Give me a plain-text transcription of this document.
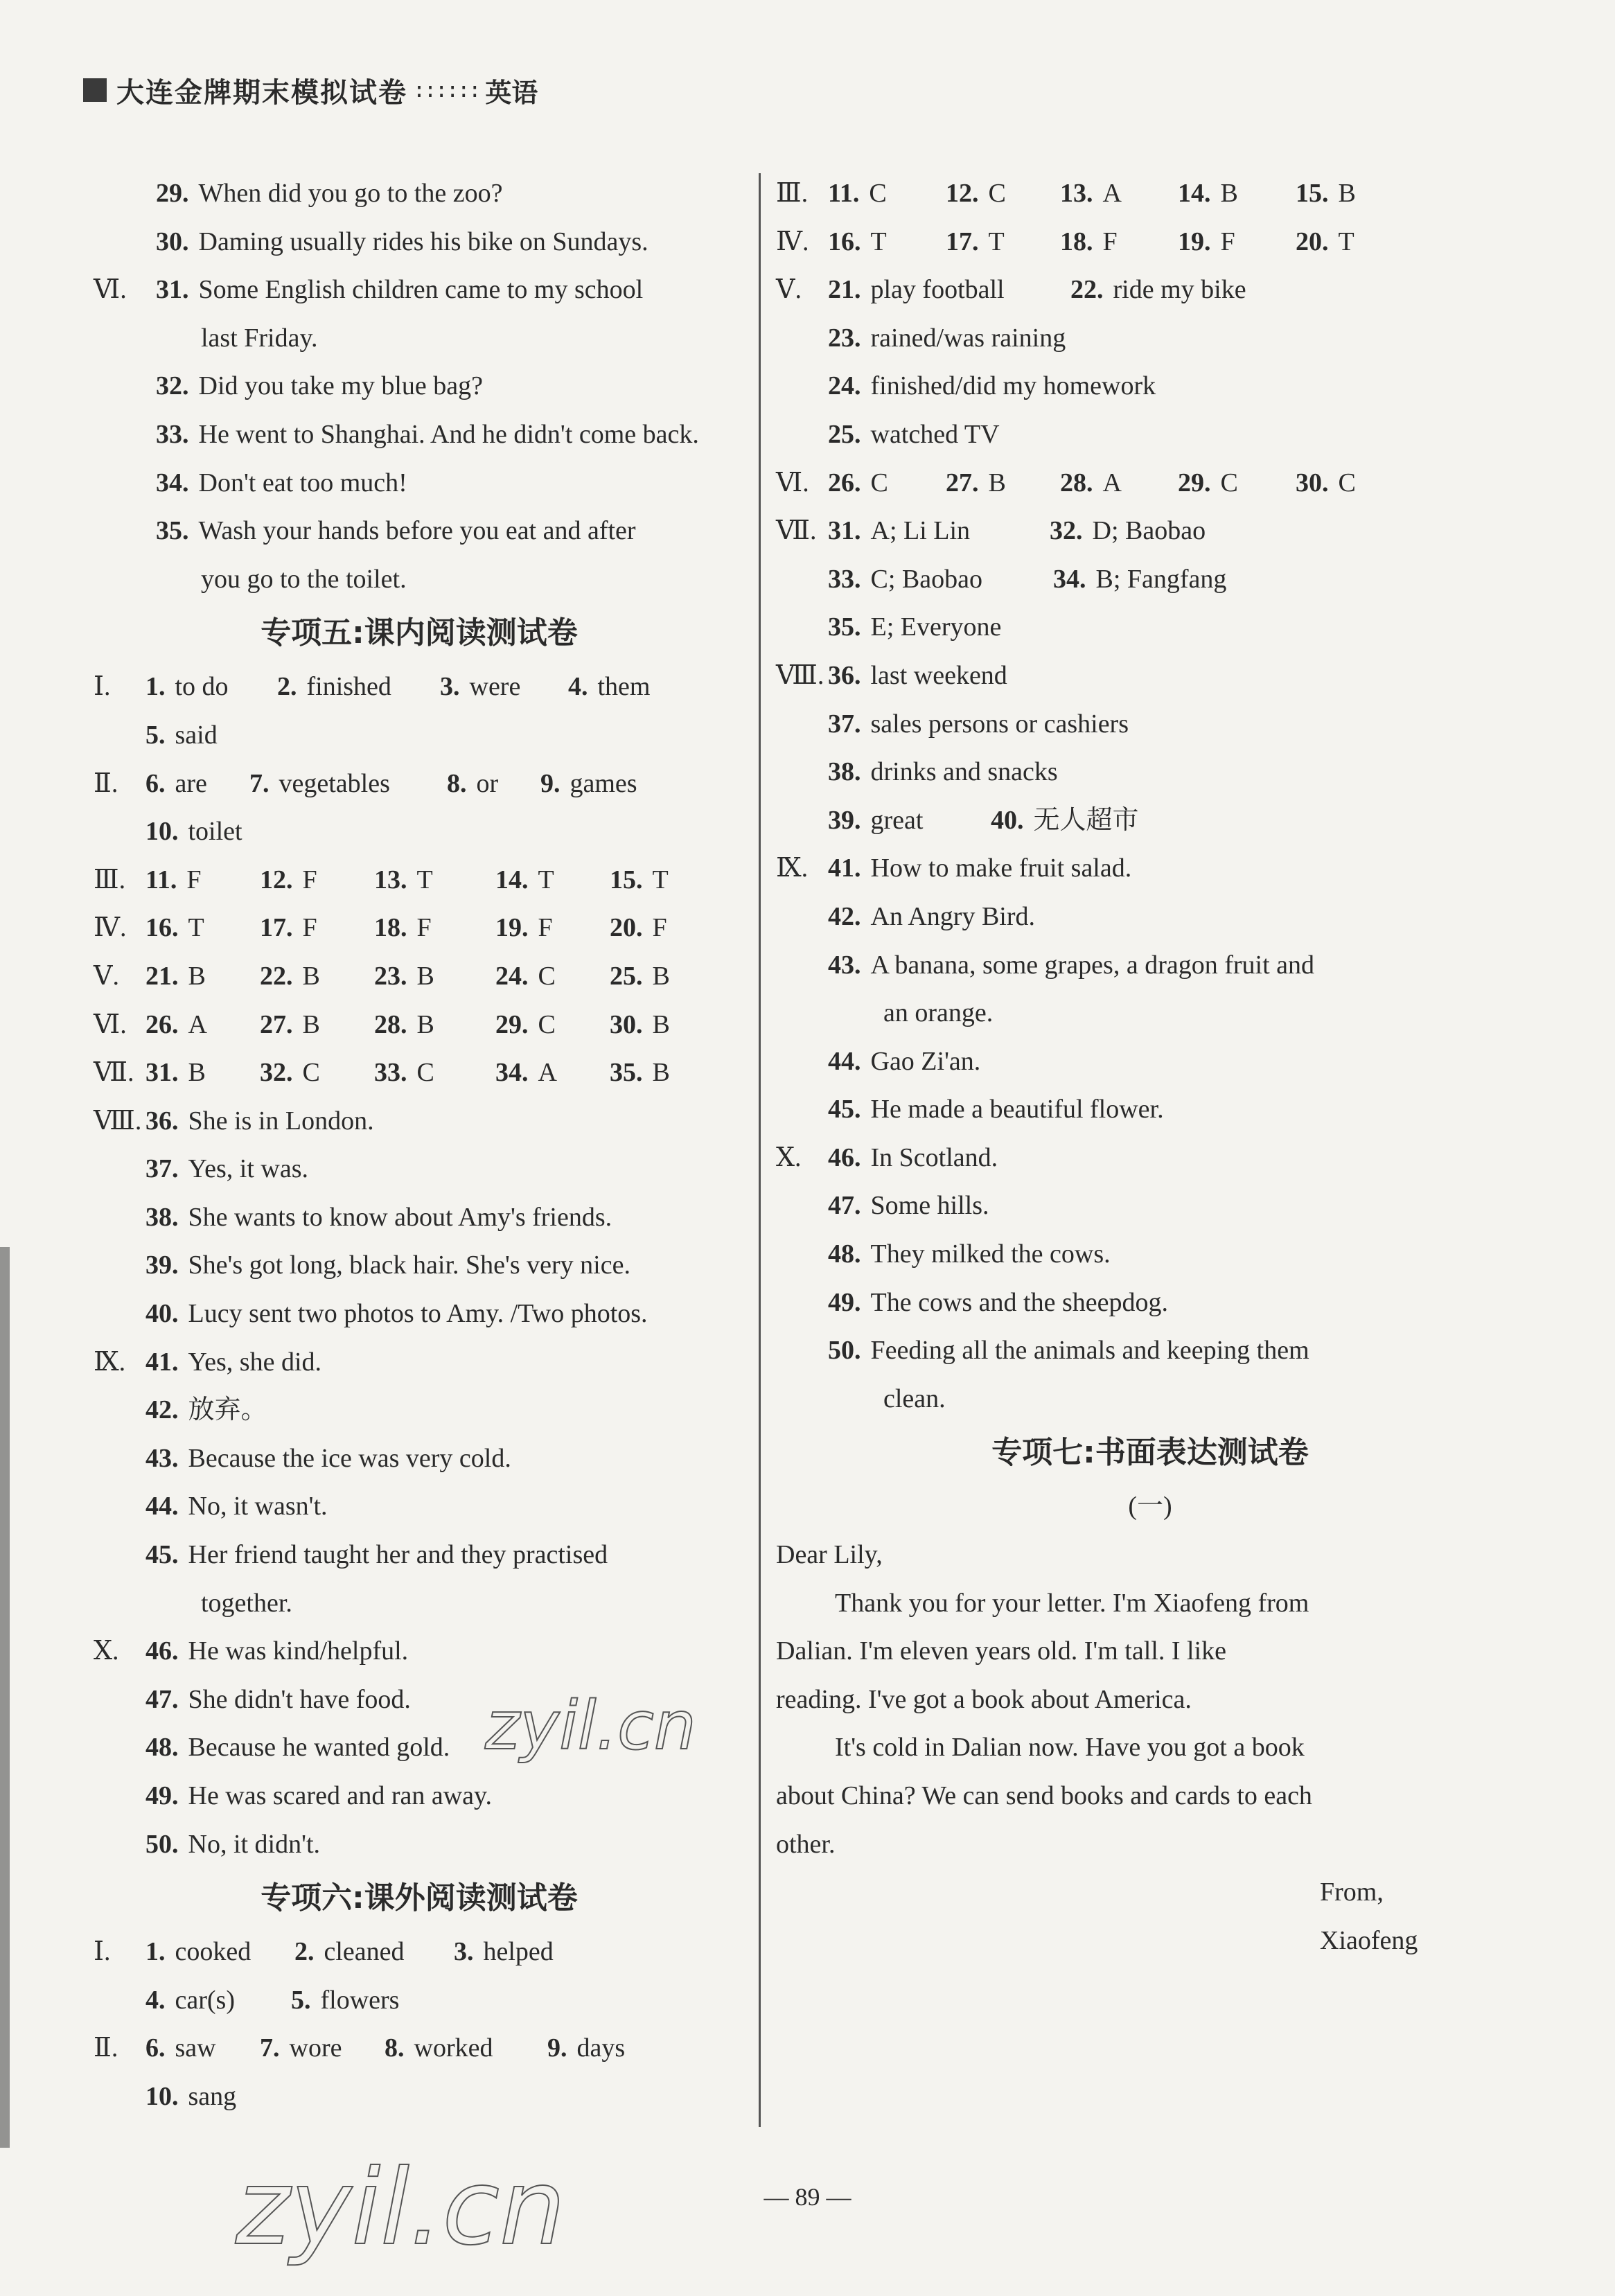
大连金牌期末模拟试卷 :::::: 英语
29. When did you go to the zoo?
30. Daming usually rides his bike on Sundays.
Ⅵ. 31. Some English children came to my school
last Friday.
32. Did you take my blue bag?
33. He went to Shanghai. And he didn't come back.
34. Don't eat too much!
35. Wash your hands before you eat and after
you go to the toilet.
专项五:课内阅读测试卷
Ⅰ. 1. to do 2. finished 3. were 4. them
5. said
Ⅱ. 6. are 7. vegetables 8. or 9. games
10. toilet
Ⅲ. 11. F 12. F 13. T 14. T 15. T
Ⅳ. 16. T 17. F 18. F 19. F 20. F
Ⅴ. 21. B 22. B 23. B 24. C 25. B
Ⅵ. 26. A 27. B 28. B 29. C 30. B
Ⅶ. 31. B 32. C 33. C 34. A 35. B
Ⅷ. 36. She is in London.
37. Yes, it was.
38. She wants to know about Amy's friends.
39. She's got long, black hair. She's very nice.
40. Lucy sent two photos to Amy. /Two photos.
Ⅸ. 41. Yes, she did.
42. 放弃。
43. Because the ice was very cold.
44. No, it wasn't.
45. Her friend taught her and they practised
together.
Ⅹ. 46. He was kind/helpful.
47. She didn't have food.
48. Because he wanted gold.
49. He was scared and ran away.
50. No, it didn't.
专项六:课外阅读测试卷
Ⅰ. 1. cooked 2. cleaned 3. helped
4. car(s) 5. flowers
Ⅱ. 6. saw 7. wore 8. worked 9. days
10. sang
Ⅲ. 11. C 12. C 13. A 14. B 15. B
Ⅳ. 16. T 17. T 18. F 19. F 20. T
Ⅴ. 21. play football	22. ride my bike
23. rained/was raining
24. finished/did my homework
25. watched TV
Ⅵ. 26. C 27. B 28. A 29. C 30. C
Ⅶ. 31. A; Li Lin	32. D; Baobao
33. C; Baobao	34. B; Fangfang
35. E; Everyone
Ⅷ. 36. last weekend
37. sales persons or cashiers
38. drinks and snacks
39. great	40. 无人超市
Ⅸ. 41. How to make fruit salad.
42. An Angry Bird.
43. A banana, some grapes, a dragon fruit and
an orange.
44. Gao Zi'an.
45. He made a beautiful flower.
Ⅹ. 46. In Scotland.
47. Some hills.
48. They milked the cows.
49. The cows and the sheepdog.
50. Feeding all the animals and keeping them
clean.
专项七:书面表达测试卷
(一)
Dear Lily,
Thank you for your letter. I'm Xiaofeng from
Dalian. I'm eleven years old. I'm tall. I like
reading. I've got a book about America.
It's cold in Dalian now. Have you got a book
about China? We can send books and cards to each
other.
From,
Xiaofeng
— 89 —
zyil.cn
zyil.cn
